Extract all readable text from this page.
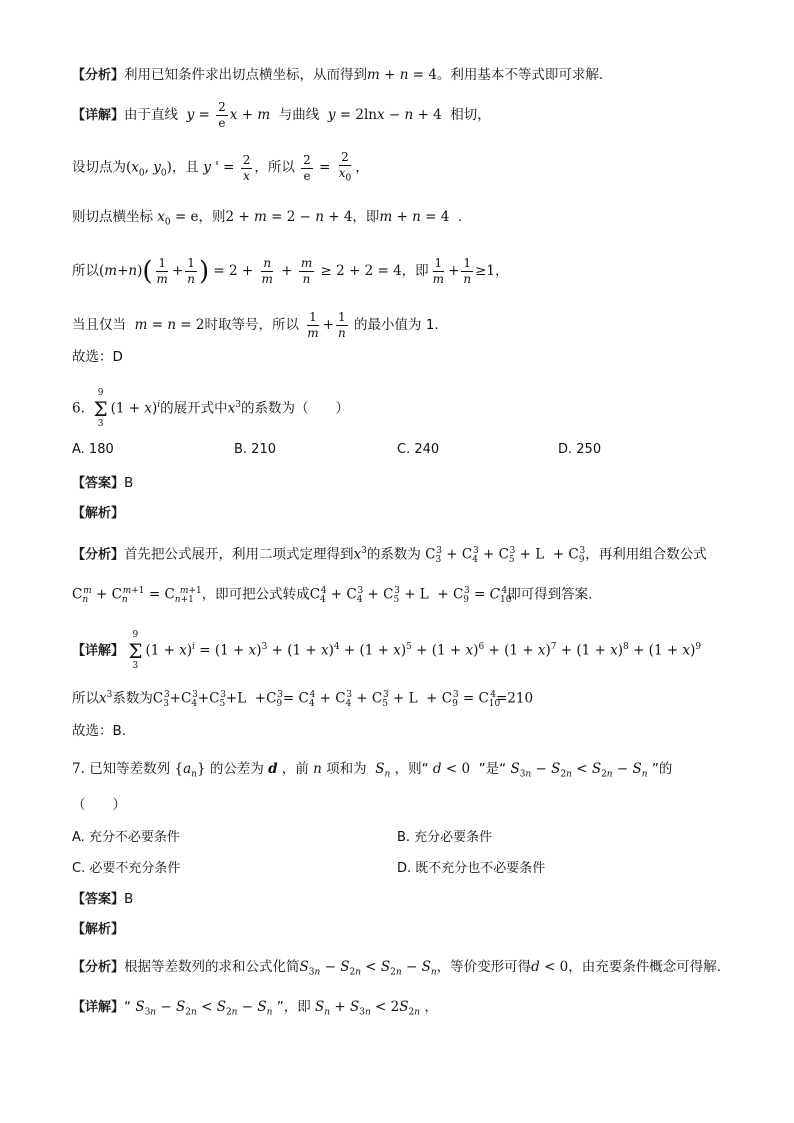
【分析】利用已知条件求出切点横坐标，从而得到m + n = 4。利用基本不等式即可求解.
【详解】由于直线 $y = \frac{2}{e}$ x + m 与曲线 y = 2lnx − n + 4  相切，
设切点为($x_0$, $y_0$)，且 y ' = $\frac{2}{x}$ ，所以 $\frac{2}{e} = \frac{2}{x_0}$ ，
则切点横坐标 $x_0 = e$，则2 + m = 2 − n + 4，即m + n = 4  .
所以$(m+n)( \frac{1}{m} + \frac{1}{n}$ ) = $2 + \frac{n}{m} + \frac{m}{n} \ge 2 + 2 = 4$，即 $\frac{1}{m} + \frac{1}{n} \ge 1$，
当且仅当 m = n = 2时取等号，所以 $\frac{1}{m} + \frac{1}{n}$ 的最小值为 1.
故选：D
6.
9
Σ
3
$(1 + x)^i$的展开式中$x^3$的系数为（　　）
A. 180	B. 210	C. 240	D. 250
【答案】B
【解析】
【分析】首先把公式展开，利用二项式定理得到$x^3$的系数为 $C_3^3 + C_4^3 + C_5^3 + L + C_9^3$，再利用组合数公式
$C_n^m + C_n^{m+1} = C_{n+1}^{m+1}$，即可把公式转成$C_4^4 + C_4^3 + C_5^3 + L + C_9^3 = C_{10}^4$即可得到答案.
【详解】
9
Σ
3
$(1 + x)^i = (1 + x)^3 + (1 + x)^4 + (1 + x)^5 + (1 + x)^6 + (1 + x)^7 + (1 + x)^8 + (1 + x)^9$
所以$x^3$系数为$C_3^3+C_4^3+C_5^3+L +C_9^3= C_4^4 + C_4^3 + C_5^3 + L + C_9^3 = C_{10}^4=210$
故选：B.
7. 已知等差数列 $\{a_n\}$ 的公差为 d ，前 n 项和为 $S_n$ ，则“ d < 0  ”是“ $S_{3n} - S_{2n} < S_{2n} - S_n$ ”的
（　　）
A. 充分不必要条件	B. 充分必要条件
C. 必要不充分条件	D. 既不充分也不必要条件
【答案】B
【解析】
【分析】根据等差数列的求和公式化简$S_{3n} - S_{2n} < S_{2n} - S_n$，等价变形可得d < 0，由充要条件概念可得解.
【详解】“ $S_{3n} - S_{2n} < S_{2n} - S_n$ ”，即 $S_n + S_{3n} < 2S_{2n}$ ，
